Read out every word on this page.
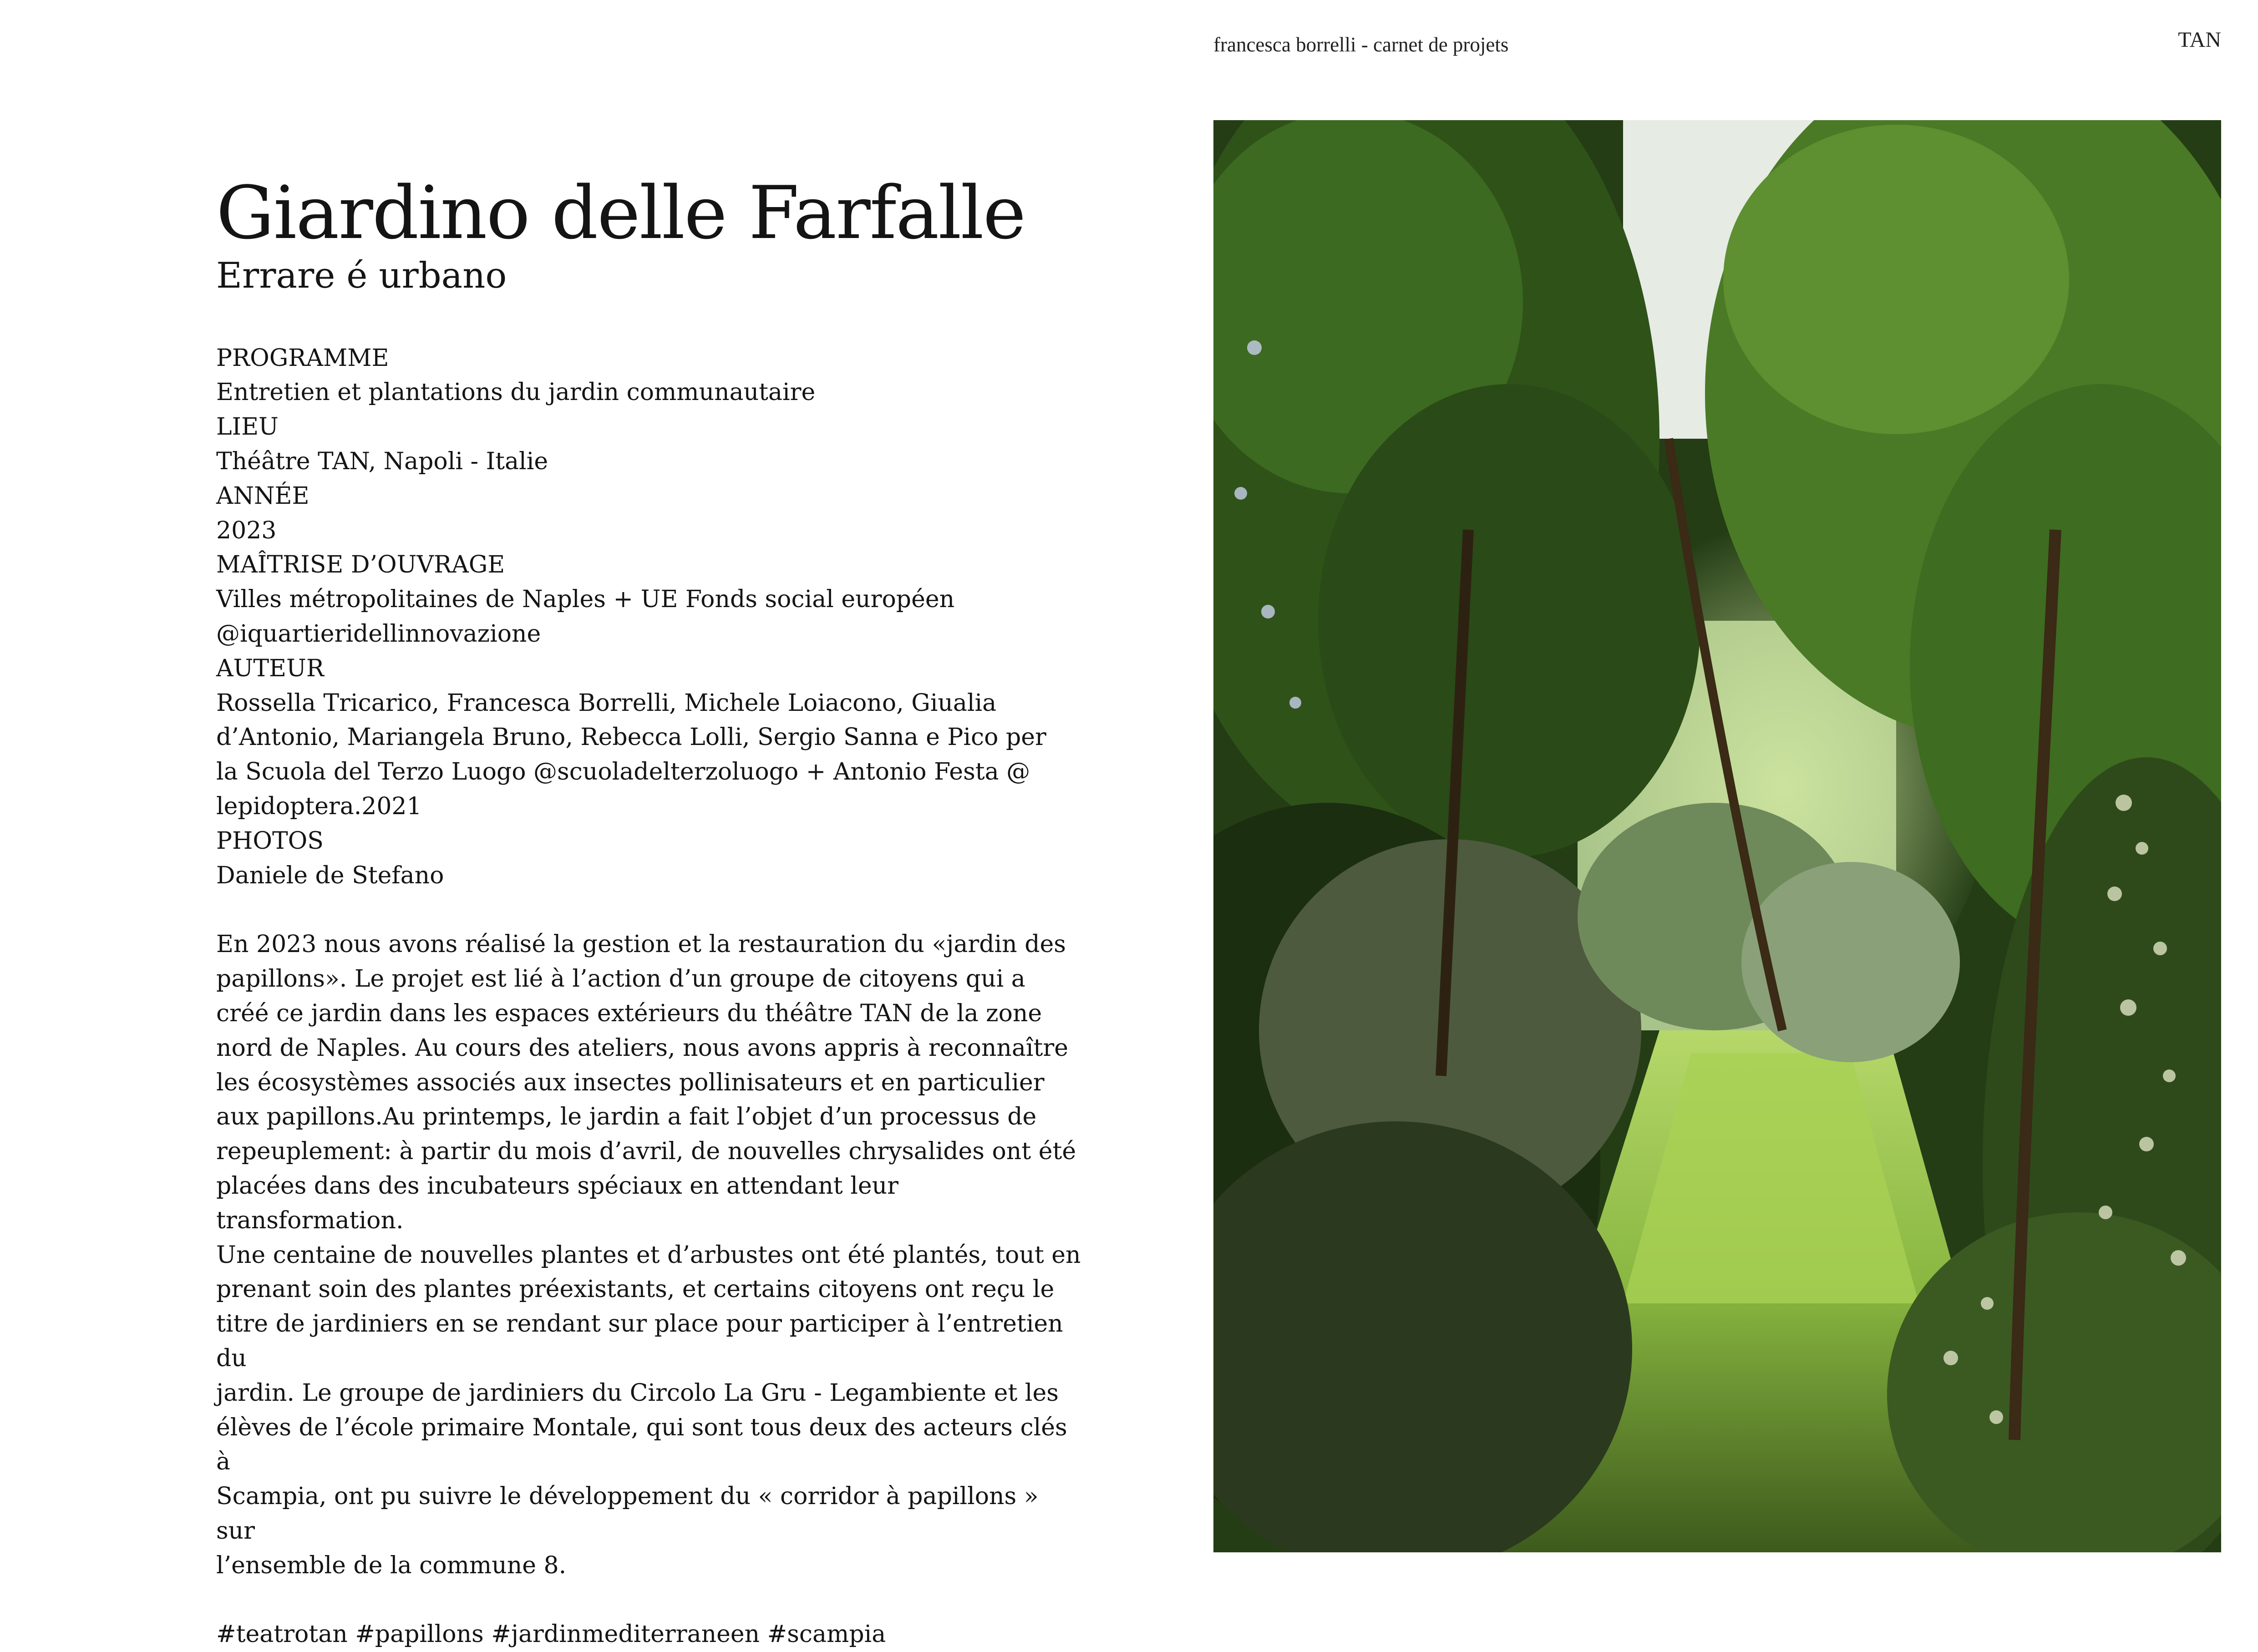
francesca borrelli - carnet de projets	TAN
Giardino delle Farfalle
Errare é urbano
PROGRAMME
Entretien et plantations du jardin communautaire
LIEU
Théâtre TAN, Napoli - Italie
ANNÉE
2023
MAÎTRISE D’OUVRAGE
Villes métropolitaines de Naples + UE Fonds social européen
@iquartieridellinnovazione
AUTEUR
Rossella Tricarico, Francesca Borrelli, Michele Loiacono, Giualia
d’Antonio, Mariangela Bruno, Rebecca Lolli, Sergio Sanna e Pico per
la Scuola del Terzo Luogo @scuoladelterzoluogo + Antonio Festa @
lepidoptera.2021
PHOTOS
Daniele de Stefano
En 2023 nous avons réalisé la gestion et la restauration du «jardin des
papillons». Le projet est lié à l’action d’un groupe de citoyens qui a
créé ce jardin dans les espaces extérieurs du théâtre TAN de la zone
nord de Naples. Au cours des ateliers, nous avons appris à reconnaître
les écosystèmes associés aux insectes pollinisateurs et en particulier
aux papillons.Au printemps, le jardin a fait l’objet d’un processus de
repeuplement: à partir du mois d’avril, de nouvelles chrysalides ont été
placées dans des incubateurs spéciaux en attendant leur transformation.
Une centaine de nouvelles plantes et d’arbustes ont été plantés, tout en
prenant soin des plantes préexistants, et certains citoyens ont reçu le
titre de jardiniers en se rendant sur place pour participer à l’entretien du
jardin. Le groupe de jardiniers du Circolo La Gru - Legambiente et les
élèves de l’école primaire Montale, qui sont tous deux des acteurs clés à
Scampia, ont pu suivre le développement du « corridor à papillons » sur
l’ensemble de la commune 8.
#teatrotan #papillons #jardinmediterraneen #scampia
